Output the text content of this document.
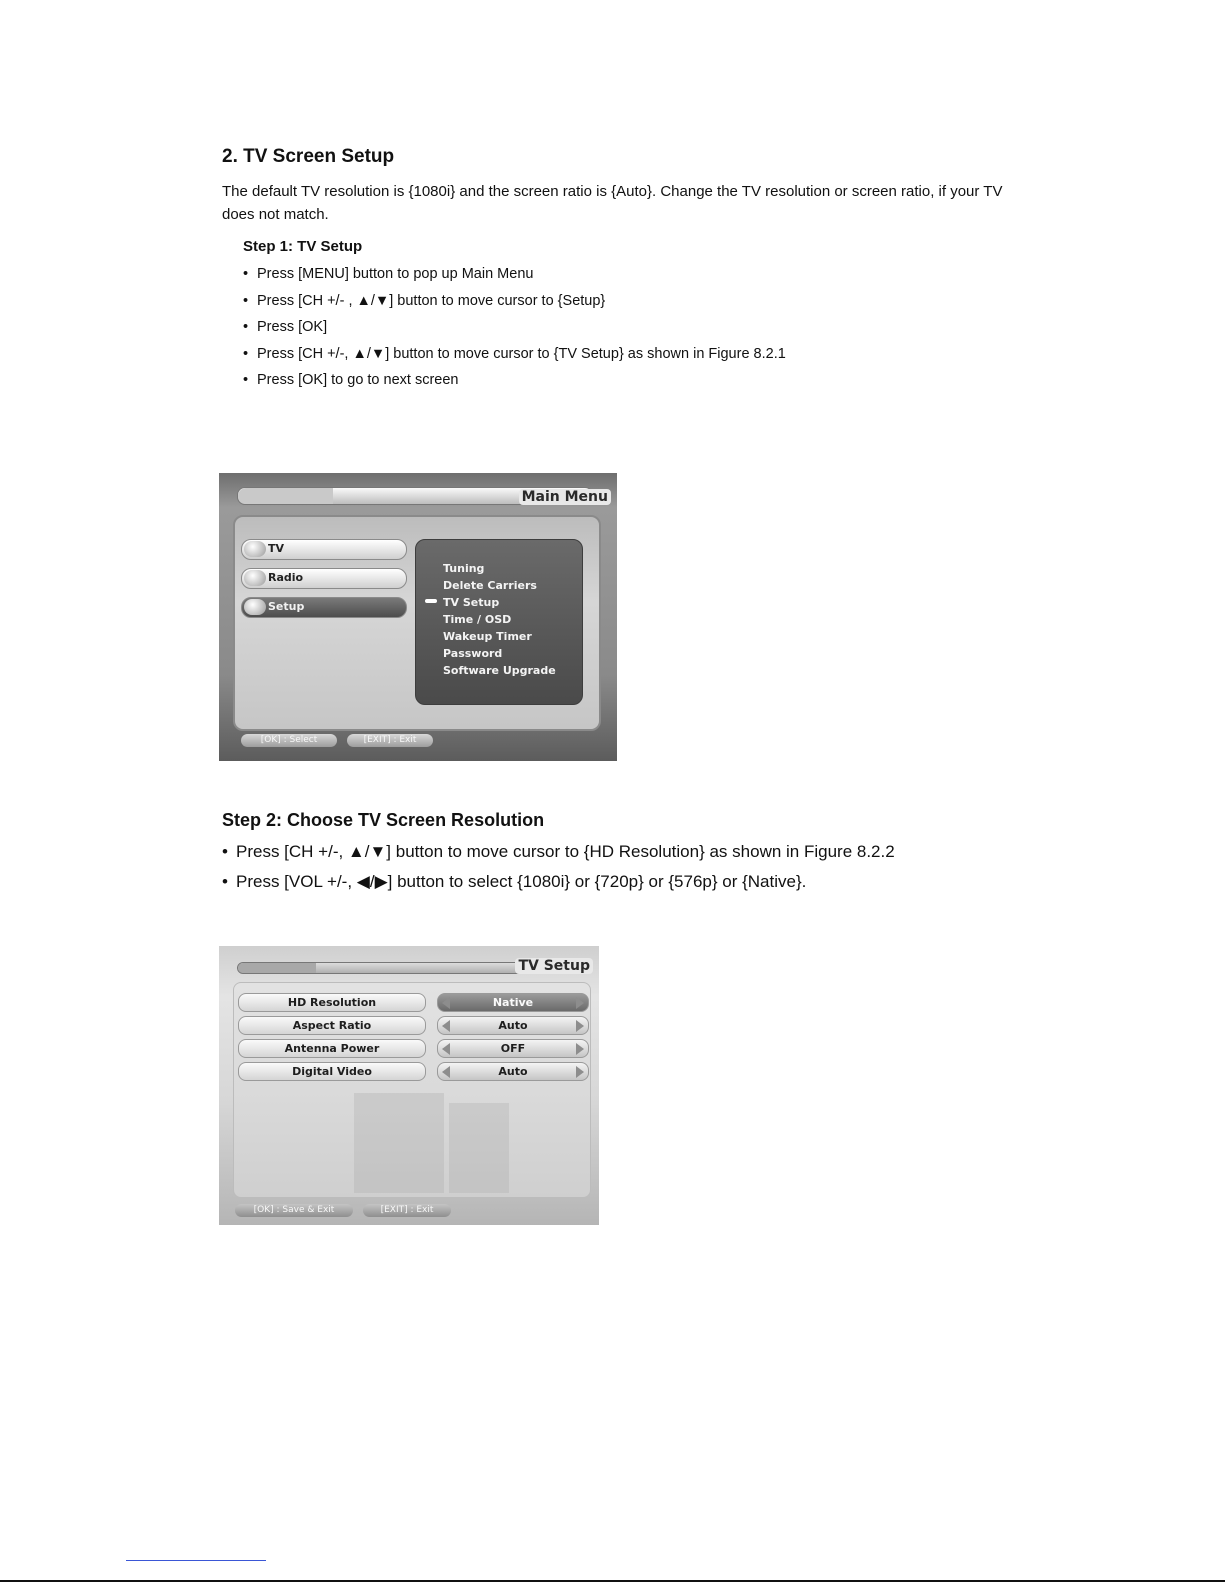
2. TV Screen Setup

The default TV resolution is {1080i} and the screen ratio is {Auto}. Change the TV resolution or screen ratio, if your TV does not match.

Step 1: TV Setup
• Press [MENU] button to pop up Main Menu
• Press [CH +/- , ▲/▼] button to move cursor to {Setup}
• Press [OK]
• Press [CH +/-, ▲/▼] button to move cursor to {TV Setup} as shown in Figure 8.2.1
• Press [OK] to go to next screen
Main Menu
TV
Radio
Setup
Tuning
Delete Carriers
TV Setup
Time / OSD
Wakeup Timer
Password
Software Upgrade
[OK] : Select	[EXIT] : Exit
Step 2: Choose TV Screen Resolution
• Press [CH +/-, ▲/▼] button to move cursor to {HD Resolution} as shown in Figure 8.2.2
• Press [VOL +/-, ◀/▶] button to select {1080i} or {720p} or {576p} or {Native}.
TV Setup
HD Resolution	Native
Aspect Ratio	Auto
Antenna Power	OFF
Digital Video	Auto
[OK] : Save & Exit	[EXIT] : Exit
